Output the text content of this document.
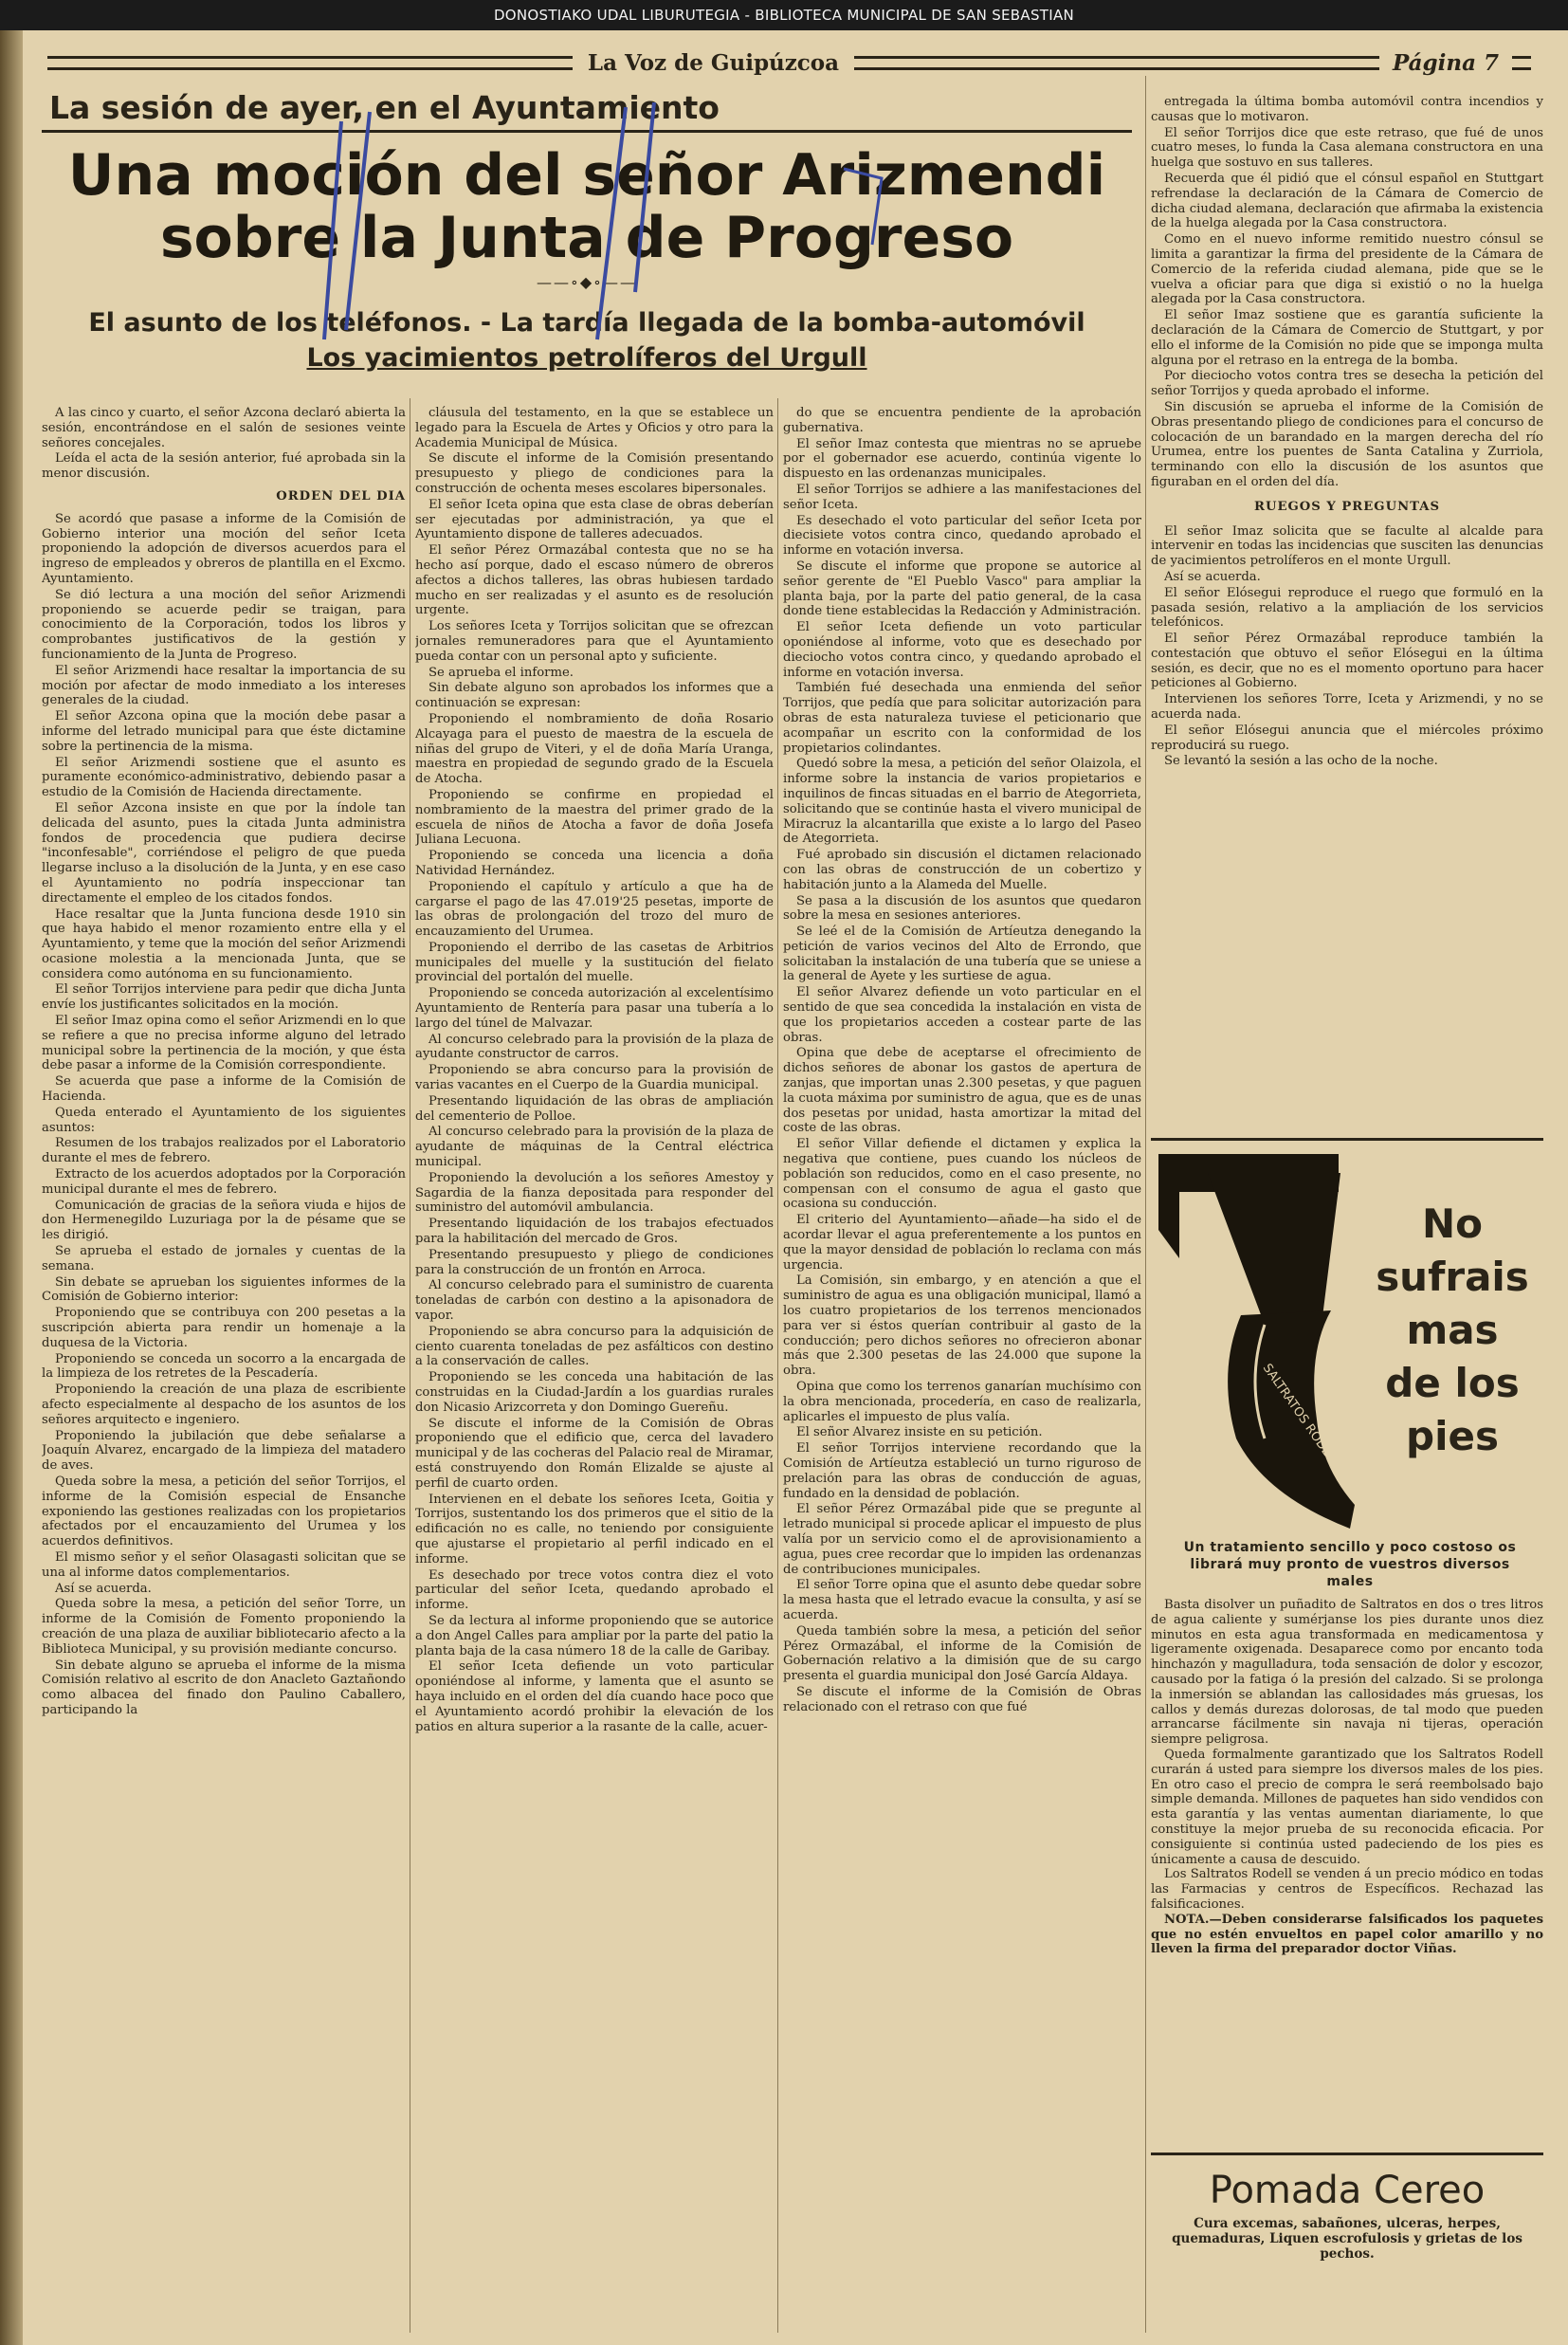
DONOSTIAKO UDAL LIBURUTEGIA - BIBLIOTECA MUNICIPAL DE SAN SEBASTIAN
La Voz de Guipúzcoa	Página 7
La sesión de ayer, en el Ayuntamiento
Una moción del señor Arizmendi sobre la Junta de Progreso
——∘◆∘——
El asunto de los teléfonos. - La tardía llegada de la bomba-automóvil
Los yacimientos petrolíferos del Urgull

A las cinco y cuarto, el señor Azcona declaró abierta la sesión, encontrándose en el salón de sesiones veinte señores concejales.

Leída el acta de la sesión anterior, fué aprobada sin la menor discusión.

ORDEN DEL DIA

Se acordó que pasase a informe de la Comisión de Gobierno interior una moción del señor Iceta proponiendo la adopción de diversos acuerdos para el ingreso de empleados y obreros de plantilla en el Excmo. Ayuntamiento.

Se dió lectura a una moción del señor Arizmendi proponiendo se acuerde pedir se traigan, para conocimiento de la Corporación, todos los libros y comprobantes justificativos de la gestión y funcionamiento de la Junta de Progreso.

El señor Arizmendi hace resaltar la importancia de su moción por afectar de modo inmediato a los intereses generales de la ciudad.

El señor Azcona opina que la moción debe pasar a informe del letrado municipal para que éste dictamine sobre la pertinencia de la misma.

El señor Arizmendi sostiene que el asunto es puramente económico-administrativo, debiendo pasar a estudio de la Comisión de Hacienda directamente.

El señor Azcona insiste en que por la índole tan delicada del asunto, pues la citada Junta administra fondos de procedencia que pudiera decirse "inconfesable", corriéndose el peligro de que pueda llegarse incluso a la disolución de la Junta, y en ese caso el Ayuntamiento no podría inspeccionar tan directamente el empleo de los citados fondos.

Hace resaltar que la Junta funciona desde 1910 sin que haya habido el menor rozamiento entre ella y el Ayuntamiento, y teme que la moción del señor Arizmendi ocasione molestia a la mencionada Junta, que se considera como autónoma en su funcionamiento.

El señor Torrijos interviene para pedir que dicha Junta envíe los justificantes solicitados en la moción.

El señor Imaz opina como el señor Arizmendi en lo que se refiere a que no precisa informe alguno del letrado municipal sobre la pertinencia de la moción, y que ésta debe pasar a informe de la Comisión correspondiente.

Se acuerda que pase a informe de la Comisión de Hacienda.

Queda enterado el Ayuntamiento de los siguientes asuntos:

Resumen de los trabajos realizados por el Laboratorio durante el mes de febrero.

Extracto de los acuerdos adoptados por la Corporación municipal durante el mes de febrero.

Comunicación de gracias de la señora viuda e hijos de don Hermenegildo Luzuriaga por la de pésame que se les dirigió.

Se aprueba el estado de jornales y cuentas de la semana.

Sin debate se aprueban los siguientes informes de la Comisión de Gobierno interior:

Proponiendo que se contribuya con 200 pesetas a la suscripción abierta para rendir un homenaje a la duquesa de la Victoria.

Proponiendo se conceda un socorro a la encargada de la limpieza de los retretes de la Pescadería.

Proponiendo la creación de una plaza de escribiente afecto especialmente al despacho de los asuntos de los señores arquitecto e ingeniero.

Proponiendo la jubilación que debe señalarse a Joaquín Alvarez, encargado de la limpieza del matadero de aves.

Queda sobre la mesa, a petición del señor Torrijos, el informe de la Comisión especial de Ensanche exponiendo las gestiones realizadas con los propietarios afectados por el encauzamiento del Urumea y los acuerdos definitivos.

El mismo señor y el señor Olasagasti solicitan que se una al informe datos complementarios.

Así se acuerda.

Queda sobre la mesa, a petición del señor Torre, un informe de la Comisión de Fomento proponiendo la creación de una plaza de auxiliar bibliotecario afecto a la Biblioteca Municipal, y su provisión mediante concurso.

Sin debate alguno se aprueba el informe de la misma Comisión relativo al escrito de don Anacleto Gaztañondo como albacea del finado don Paulino Caballero, participando la

cláusula del testamento, en la que se establece un legado para la Escuela de Artes y Oficios y otro para la Academia Municipal de Música.

Se discute el informe de la Comisión presentando presupuesto y pliego de condiciones para la construcción de ochenta meses escolares bipersonales.

El señor Iceta opina que esta clase de obras deberían ser ejecutadas por administración, ya que el Ayuntamiento dispone de talleres adecuados.

El señor Pérez Ormazábal contesta que no se ha hecho así porque, dado el escaso número de obreros afectos a dichos talleres, las obras hubiesen tardado mucho en ser realizadas y el asunto es de resolución urgente.

Los señores Iceta y Torrijos solicitan que se ofrezcan jornales remuneradores para que el Ayuntamiento pueda contar con un personal apto y suficiente.

Se aprueba el informe.

Sin debate alguno son aprobados los informes que a continuación se expresan:

Proponiendo el nombramiento de doña Rosario Alcayaga para el puesto de maestra de la escuela de niñas del grupo de Viteri, y el de doña María Uranga, maestra en propiedad de segundo grado de la Escuela de Atocha.

Proponiendo se confirme en propiedad el nombramiento de la maestra del primer grado de la escuela de niños de Atocha a favor de doña Josefa Juliana Lecuona.

Proponiendo se conceda una licencia a doña Natividad Hernández.

Proponiendo el capítulo y artículo a que ha de cargarse el pago de las 47.019'25 pesetas, importe de las obras de prolongación del trozo del muro de encauzamiento del Urumea.

Proponiendo el derribo de las casetas de Arbitrios municipales del muelle y la sustitución del fielato provincial del portalón del muelle.

Proponiendo se conceda autorización al excelentísimo Ayuntamiento de Rentería para pasar una tubería a lo largo del túnel de Malvazar.

Al concurso celebrado para la provisión de la plaza de ayudante constructor de carros.

Proponiendo se abra concurso para la provisión de varias vacantes en el Cuerpo de la Guardia municipal.

Presentando liquidación de las obras de ampliación del cementerio de Polloe.

Al concurso celebrado para la provisión de la plaza de ayudante de máquinas de la Central eléctrica municipal.

Proponiendo la devolución a los señores Amestoy y Sagardia de la fianza depositada para responder del suministro del automóvil ambulancia.

Presentando liquidación de los trabajos efectuados para la habilitación del mercado de Gros.

Presentando presupuesto y pliego de condiciones para la construcción de un frontón en Arroca.

Al concurso celebrado para el suministro de cuarenta toneladas de carbón con destino a la apisonadora de vapor.

Proponiendo se abra concurso para la adquisición de ciento cuarenta toneladas de pez asfálticos con destino a la conservación de calles.

Proponiendo se les conceda una habitación de las construidas en la Ciudad-Jardín a los guardias rurales don Nicasio Arizcorreta y don Domingo Guereñu.

Se discute el informe de la Comisión de Obras proponiendo que el edificio que, cerca del lavadero municipal y de las cocheras del Palacio real de Miramar, está construyendo don Román Elizalde se ajuste al perfil de cuarto orden.

Intervienen en el debate los señores Iceta, Goitia y Torrijos, sustentando los dos primeros que el sitio de la edificación no es calle, no teniendo por consiguiente que ajustarse el propietario al perfil indicado en el informe.

Es desechado por trece votos contra diez el voto particular del señor Iceta, quedando aprobado el informe.

Se da lectura al informe proponiendo que se autorice a don Angel Calles para ampliar por la parte del patio la planta baja de la casa número 18 de la calle de Garibay.

El señor Iceta defiende un voto particular oponiéndose al informe, y lamenta que el asunto se haya incluido en el orden del día cuando hace poco que el Ayuntamiento acordó prohibir la elevación de los patios en altura superior a la rasante de la calle, acuer-

do que se encuentra pendiente de la aprobación gubernativa.

El señor Imaz contesta que mientras no se apruebe por el gobernador ese acuerdo, continúa vigente lo dispuesto en las ordenanzas municipales.

El señor Torrijos se adhiere a las manifestaciones del señor Iceta.

Es desechado el voto particular del señor Iceta por diecisiete votos contra cinco, quedando aprobado el informe en votación inversa.

Se discute el informe que propone se autorice al señor gerente de "El Pueblo Vasco" para ampliar la planta baja, por la parte del patio general, de la casa donde tiene establecidas la Redacción y Administración.

El señor Iceta defiende un voto particular oponiéndose al informe, voto que es desechado por dieciocho votos contra cinco, y quedando aprobado el informe en votación inversa.

También fué desechada una enmienda del señor Torrijos, que pedía que para solicitar autorización para obras de esta naturaleza tuviese el peticionario que acompañar un escrito con la conformidad de los propietarios colindantes.

Quedó sobre la mesa, a petición del señor Olaizola, el informe sobre la instancia de varios propietarios e inquilinos de fincas situadas en el barrio de Ategorrieta, solicitando que se continúe hasta el vivero municipal de Miracruz la alcantarilla que existe a lo largo del Paseo de Ategorrieta.

Fué aprobado sin discusión el dictamen relacionado con las obras de construcción de un cobertizo y habitación junto a la Alameda del Muelle.

Se pasa a la discusión de los asuntos que quedaron sobre la mesa en sesiones anteriores.

Se leé el de la Comisión de Artíeutza denegando la petición de varios vecinos del Alto de Errondo, que solicitaban la instalación de una tubería que se uniese a la general de Ayete y les surtiese de agua.

El señor Alvarez defiende un voto particular en el sentido de que sea concedida la instalación en vista de que los propietarios acceden a costear parte de las obras.

Opina que debe de aceptarse el ofrecimiento de dichos señores de abonar los gastos de apertura de zanjas, que importan unas 2.300 pesetas, y que paguen la cuota máxima por suministro de agua, que es de unas dos pesetas por unidad, hasta amortizar la mitad del coste de las obras.

El señor Villar defiende el dictamen y explica la negativa que contiene, pues cuando los núcleos de población son reducidos, como en el caso presente, no compensan con el consumo de agua el gasto que ocasiona su conducción.

El criterio del Ayuntamiento—añade—ha sido el de acordar llevar el agua preferentemente a los puntos en que la mayor densidad de población lo reclama con más urgencia.

La Comisión, sin embargo, y en atención a que el suministro de agua es una obligación municipal, llamó a los cuatro propietarios de los terrenos mencionados para ver si éstos querían contribuir al gasto de la conducción; pero dichos señores no ofrecieron abonar más que 2.300 pesetas de las 24.000 que supone la obra.

Opina que como los terrenos ganarían muchísimo con la obra mencionada, procedería, en caso de realizarla, aplicarles el impuesto de plus valía.

El señor Alvarez insiste en su petición.

El señor Torrijos interviene recordando que la Comisión de Artíeutza estableció un turno riguroso de prelación para las obras de conducción de aguas, fundado en la densidad de población.

El señor Pérez Ormazábal pide que se pregunte al letrado municipal si procede aplicar el impuesto de plus valía por un servicio como el de aprovisionamiento a agua, pues cree recordar que lo impiden las ordenanzas de contribuciones municipales.

El señor Torre opina que el asunto debe quedar sobre la mesa hasta que el letrado evacue la consulta, y así se acuerda.

Queda también sobre la mesa, a petición del señor Pérez Ormazábal, el informe de la Comisión de Gobernación relativo a la dimisión que de su cargo presenta el guardia municipal don José García Aldaya.

Se discute el informe de la Comisión de Obras relacionado con el retraso con que fué

entregada la última bomba automóvil contra incendios y causas que lo motivaron.

El señor Torrijos dice que este retraso, que fué de unos cuatro meses, lo funda la Casa alemana constructora en una huelga que sostuvo en sus talleres.

Recuerda que él pidió que el cónsul español en Stuttgart refrendase la declaración de la Cámara de Comercio de dicha ciudad alemana, declaración que afirmaba la existencia de la huelga alegada por la Casa constructora.

Como en el nuevo informe remitido nuestro cónsul se limita a garantizar la firma del presidente de la Cámara de Comercio de la referida ciudad alemana, pide que se le vuelva a oficiar para que diga si existió o no la huelga alegada por la Casa constructora.

El señor Imaz sostiene que es garantía suficiente la declaración de la Cámara de Comercio de Stuttgart, y por ello el informe de la Comisión no pide que se imponga multa alguna por el retraso en la entrega de la bomba.

Por dieciocho votos contra tres se desecha la petición del señor Torrijos y queda aprobado el informe.

Sin discusión se aprueba el informe de la Comisión de Obras presentando pliego de condiciones para el concurso de colocación de un barandado en la margen derecha del río Urumea, entre los puentes de Santa Catalina y Zurriola, terminando con ello la discusión de los asuntos que figuraban en el orden del día.

RUEGOS Y PREGUNTAS

El señor Imaz solicita que se faculte al alcalde para intervenir en todas las incidencias que susciten las denuncias de yacimientos petrolíferos en el monte Urgull.

Así se acuerda.

El señor Elósegui reproduce el ruego que formuló en la pasada sesión, relativo a la ampliación de los servicios telefónicos.

El señor Pérez Ormazábal reproduce también la contestación que obtuvo el señor Elósegui en la última sesión, es decir, que no es el momento oportuno para hacer peticiones al Gobierno.

Intervienen los señores Torre, Iceta y Arizmendi, y no se acuerda nada.

El señor Elósegui anuncia que el miércoles próximo reproducirá su ruego.

Se levantó la sesión a las ocho de la noche.

SALTRATOS RODELL
No
sufrais
mas
de los
pies
Un tratamiento sencillo y poco costoso os librará muy pronto de vuestros diversos males

Basta disolver un puñadito de Saltratos en dos o tres litros de agua caliente y sumérjanse los pies durante unos diez minutos en esta agua transformada en medicamentosa y ligeramente oxigenada. Desaparece como por encanto toda hinchazón y magulladura, toda sensación de dolor y escozor, causado por la fatiga ó la presión del calzado. Si se prolonga la inmersión se ablandan las callosidades más gruesas, los callos y demás durezas dolorosas, de tal modo que pueden arrancarse fácilmente sin navaja ni tijeras, operación siempre peligrosa.

Queda formalmente garantizado que los Saltratos Rodell curarán á usted para siempre los diversos males de los pies. En otro caso el precio de compra le será reembolsado bajo simple demanda. Millones de paquetes han sido vendidos con esta garantía y las ventas aumentan diariamente, lo que constituye la mejor prueba de su reconocida eficacia. Por consiguiente si continúa usted padeciendo de los pies es únicamente a causa de descuido.

Los Saltratos Rodell se venden á un precio módico en todas las Farmacias y centros de Específicos. Rechazad las falsificaciones.

NOTA.—Deben considerarse falsificados los paquetes que no estén envueltos en papel color amarillo y no lleven la firma del preparador doctor Viñas.

Pomada Cereo

Cura excemas, sabañones, ulceras, herpes, quemaduras, Liquen escrofulosis y grietas de los pechos.
